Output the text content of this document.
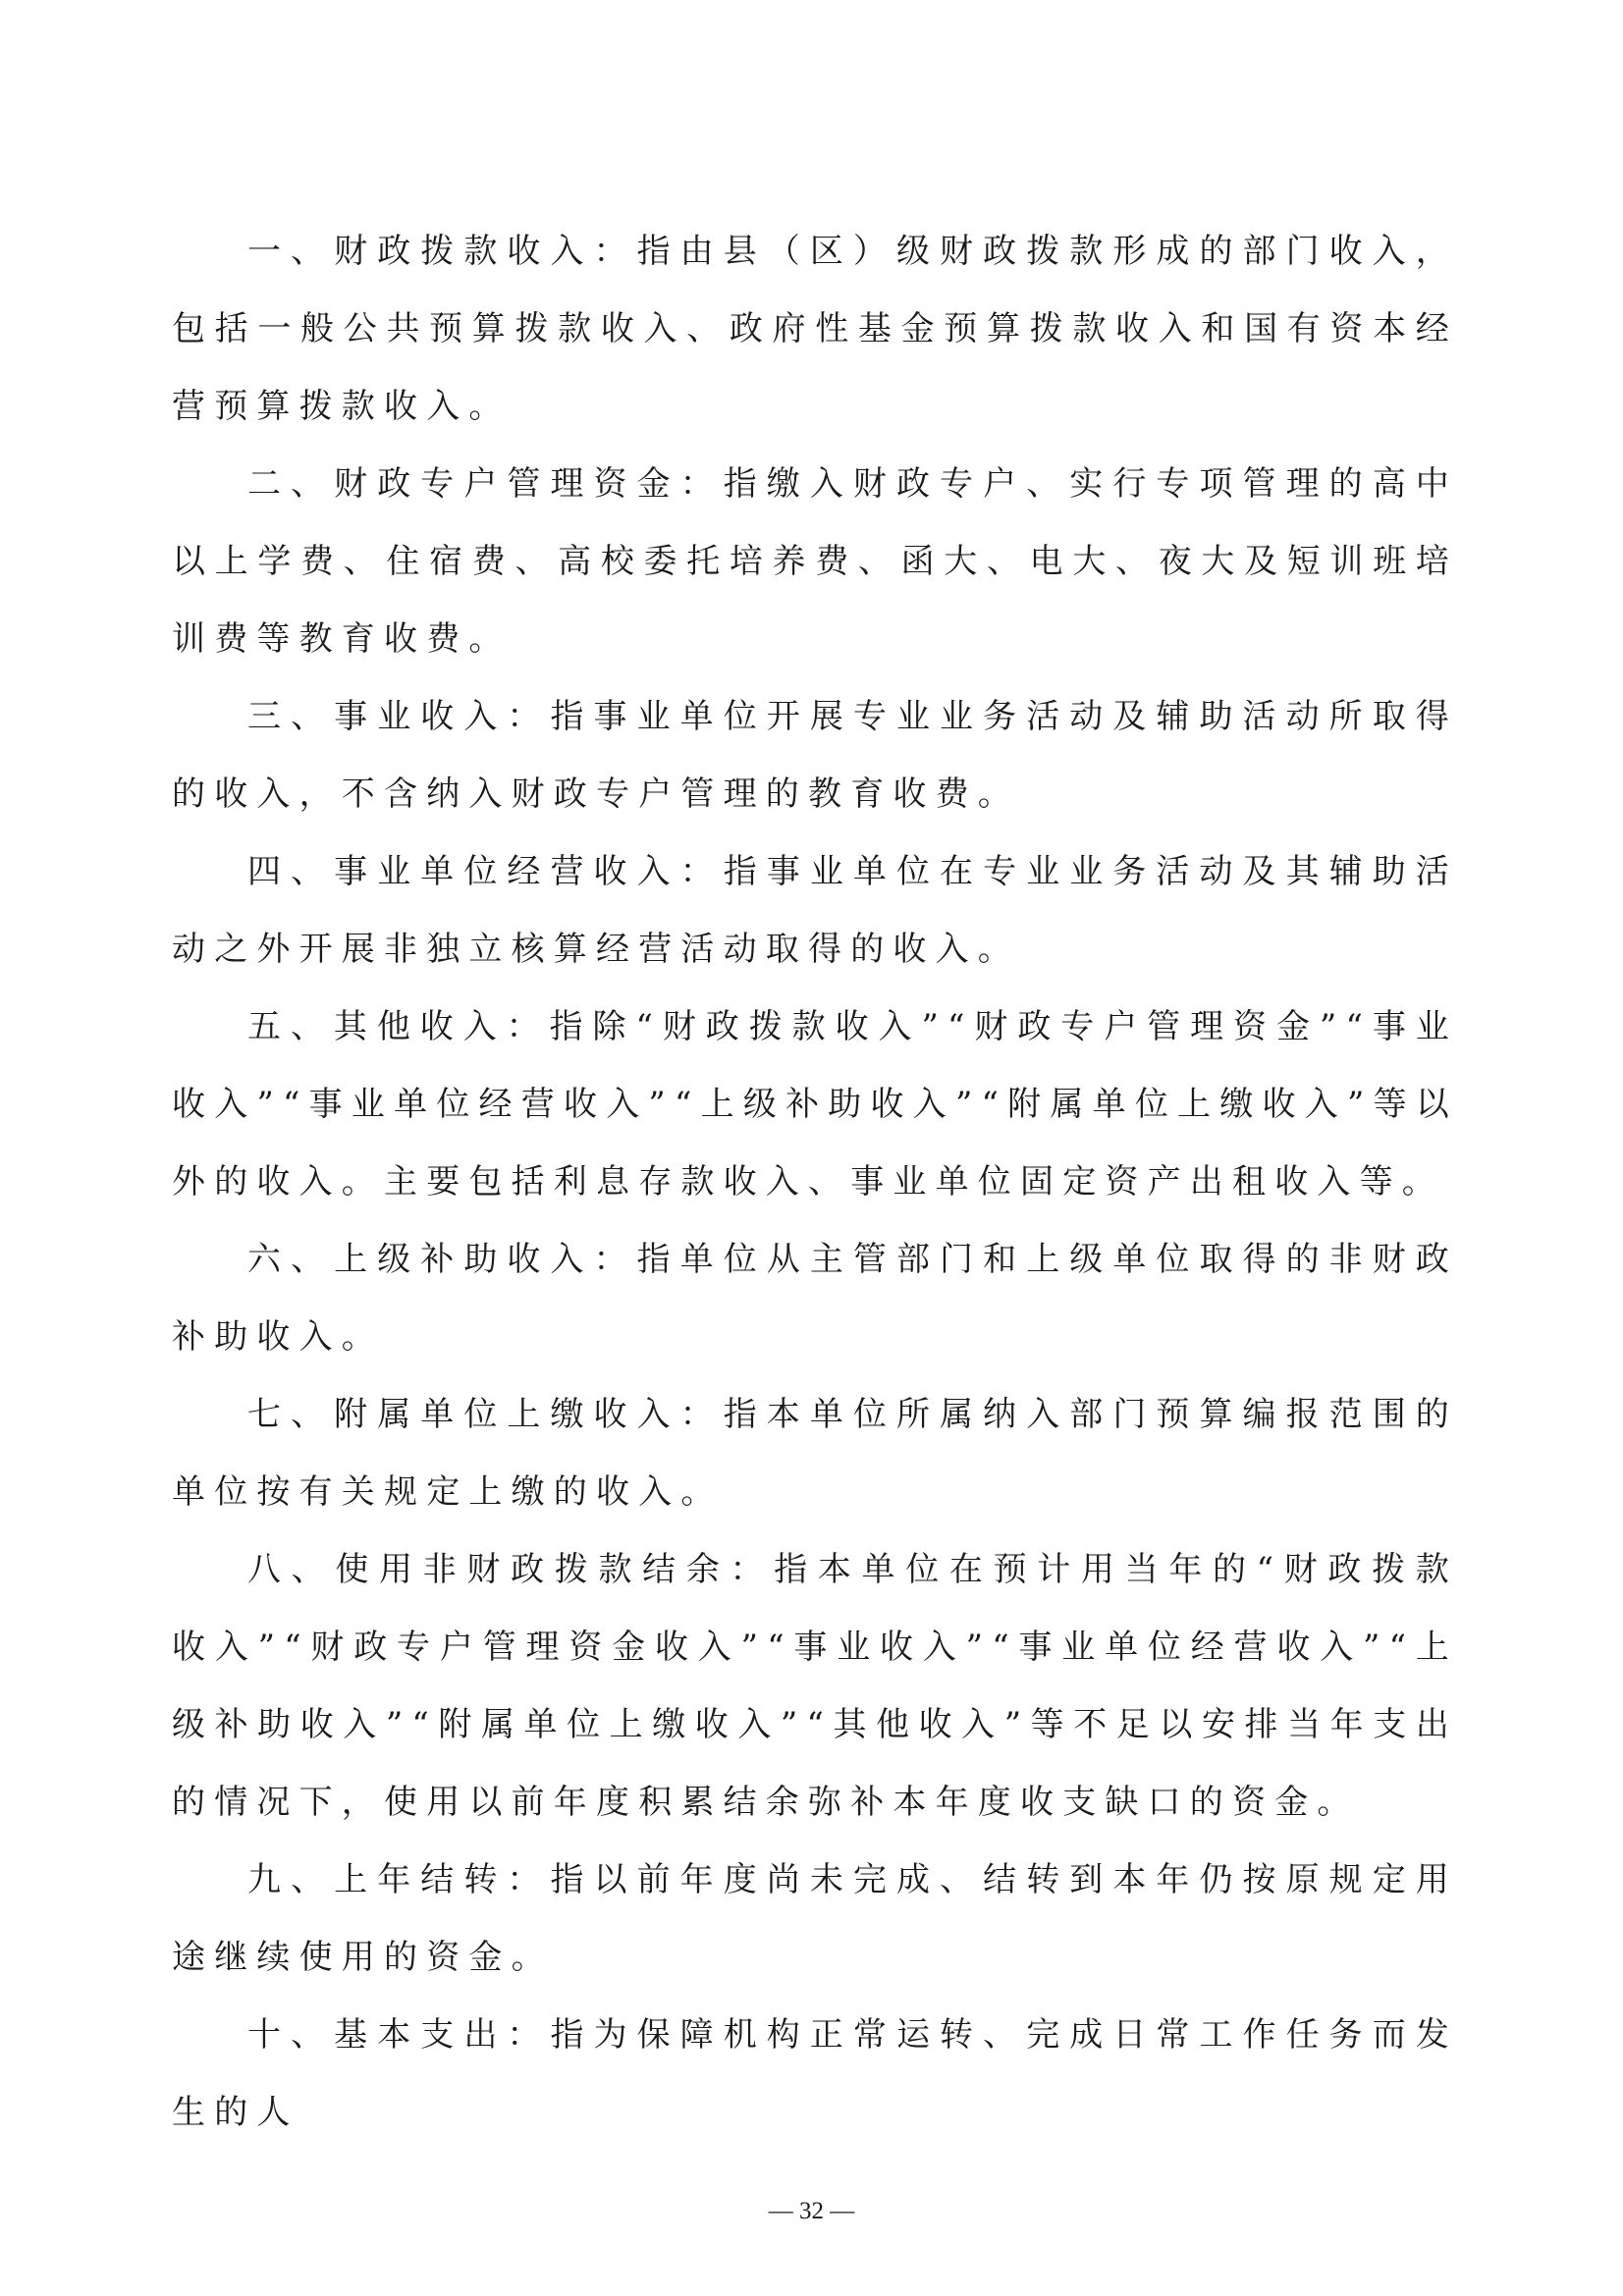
一、财政拨款收入：指由县（区）级财政拨款形成的部门收入，包括一般公共预算拨款收入、政府性基金预算拨款收入和国有资本经营预算拨款收入。

二、财政专户管理资金：指缴入财政专户、实行专项管理的高中以上学费、住宿费、高校委托培养费、函大、电大、夜大及短训班培训费等教育收费。

三、事业收入：指事业单位开展专业业务活动及辅助活动所取得的收入，不含纳入财政专户管理的教育收费。

四、事业单位经营收入：指事业单位在专业业务活动及其辅助活动之外开展非独立核算经营活动取得的收入。

五、其他收入：指除“财政拨款收入”“财政专户管理资金”“事业收入”“事业单位经营收入”“上级补助收入”“附属单位上缴收入”等以外的收入。主要包括利息存款收入、事业单位固定资产出租收入等。

六、上级补助收入：指单位从主管部门和上级单位取得的非财政补助收入。

七、附属单位上缴收入：指本单位所属纳入部门预算编报范围的单位按有关规定上缴的收入。

八、使用非财政拨款结余：指本单位在预计用当年的“财政拨款收入”“财政专户管理资金收入”“事业收入”“事业单位经营收入”“上级补助收入”“附属单位上缴收入”“其他收入”等不足以安排当年支出的情况下，使用以前年度积累结余弥补本年度收支缺口的资金。

九、上年结转：指以前年度尚未完成、结转到本年仍按原规定用途继续使用的资金。

十、基本支出：指为保障机构正常运转、完成日常工作任务而发生的人

— 32 —
